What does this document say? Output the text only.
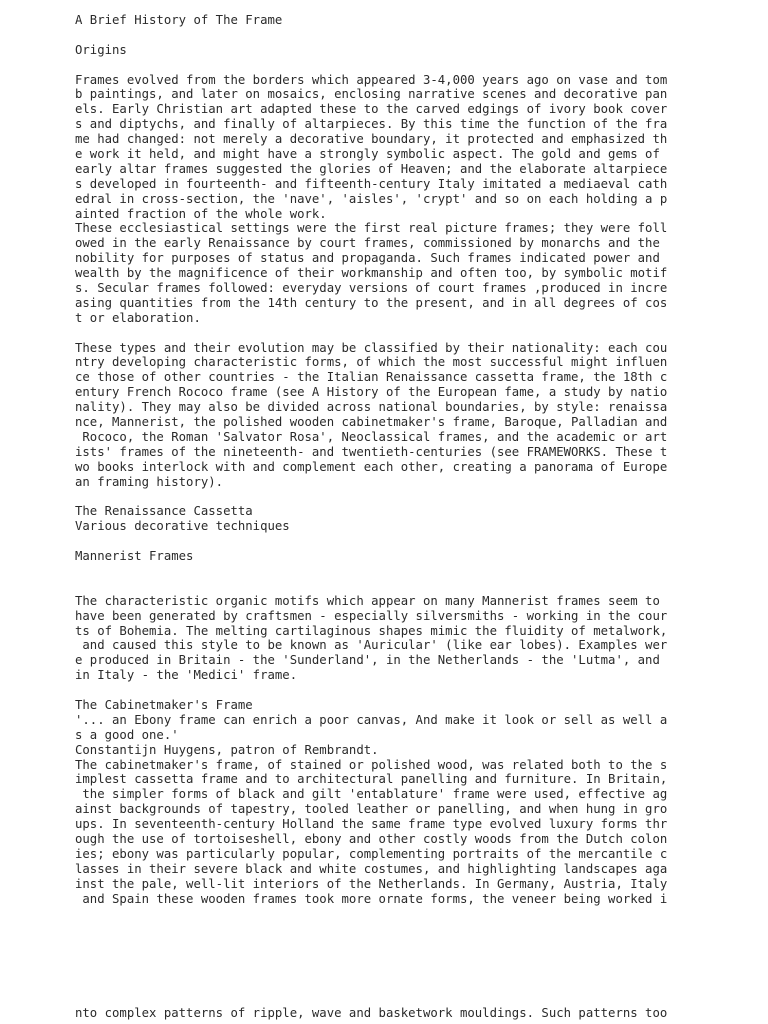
A Brief History of The Frame
Origins
Frames evolved from the borders which appeared 3-4,000 years ago on vase and tom
b paintings, and later on mosaics, enclosing narrative scenes and decorative pan
els. Early Christian art adapted these to the carved edgings of ivory book cover
s and diptychs, and finally of altarpieces. By this time the function of the fra
me had changed: not merely a decorative boundary, it protected and emphasized th
e work it held, and might have a strongly symbolic aspect. The gold and gems of
early altar frames suggested the glories of Heaven; and the elaborate altarpiece
s developed in fourteenth- and fifteenth-century Italy imitated a mediaeval cath
edral in cross-section, the 'nave', 'aisles', 'crypt' and so on each holding a p
ainted fraction of the whole work.
These ecclesiastical settings were the first real picture frames; they were foll
owed in the early Renaissance by court frames, commissioned by monarchs and the
nobility for purposes of status and propaganda. Such frames indicated power and
wealth by the magnificence of their workmanship and often too, by symbolic motif
s. Secular frames followed: everyday versions of court frames ,produced in incre
asing quantities from the 14th century to the present, and in all degrees of cos
t or elaboration.
These types and their evolution may be classified by their nationality: each cou
ntry developing characteristic forms, of which the most successful might influen
ce those of other countries - the Italian Renaissance cassetta frame, the 18th c
entury French Rococo frame (see A History of the European fame, a study by natio
nality). They may also be divided across national boundaries, by style: renaissa
nce, Mannerist, the polished wooden cabinetmaker's frame, Baroque, Palladian and
Rococo, the Roman 'Salvator Rosa', Neoclassical frames, and the academic or art
ists' frames of the nineteenth- and twentieth-centuries (see FRAMEWORKS. These t
wo books interlock with and complement each other, creating a panorama of Europe
an framing history).
The Renaissance Cassetta
Various decorative techniques
Mannerist Frames
The characteristic organic motifs which appear on many Mannerist frames seem to
have been generated by craftsmen - especially silversmiths - working in the cour
ts of Bohemia. The melting cartilaginous shapes mimic the fluidity of metalwork,
and caused this style to be known as 'Auricular' (like ear lobes). Examples wer
e produced in Britain - the 'Sunderland', in the Netherlands - the 'Lutma', and
in Italy - the 'Medici' frame.
The Cabinetmaker's Frame
'... an Ebony frame can enrich a poor canvas, And make it look or sell as well a
s a good one.'
Constantijn Huygens, patron of Rembrandt.
The cabinetmaker's frame, of stained or polished wood, was related both to the s
implest cassetta frame and to architectural panelling and furniture. In Britain,
the simpler forms of black and gilt 'entablature' frame were used, effective ag
ainst backgrounds of tapestry, tooled leather or panelling, and when hung in gro
ups. In seventeenth-century Holland the same frame type evolved luxury forms thr
ough the use of tortoiseshell, ebony and other costly woods from the Dutch colon
ies; ebony was particularly popular, complementing portraits of the mercantile c
lasses in their severe black and white costumes, and highlighting landscapes aga
inst the pale, well-lit interiors of the Netherlands. In Germany, Austria, Italy
and Spain these wooden frames took more ornate forms, the veneer being worked i
nto complex patterns of ripple, wave and basketwork mouldings. Such patterns too
